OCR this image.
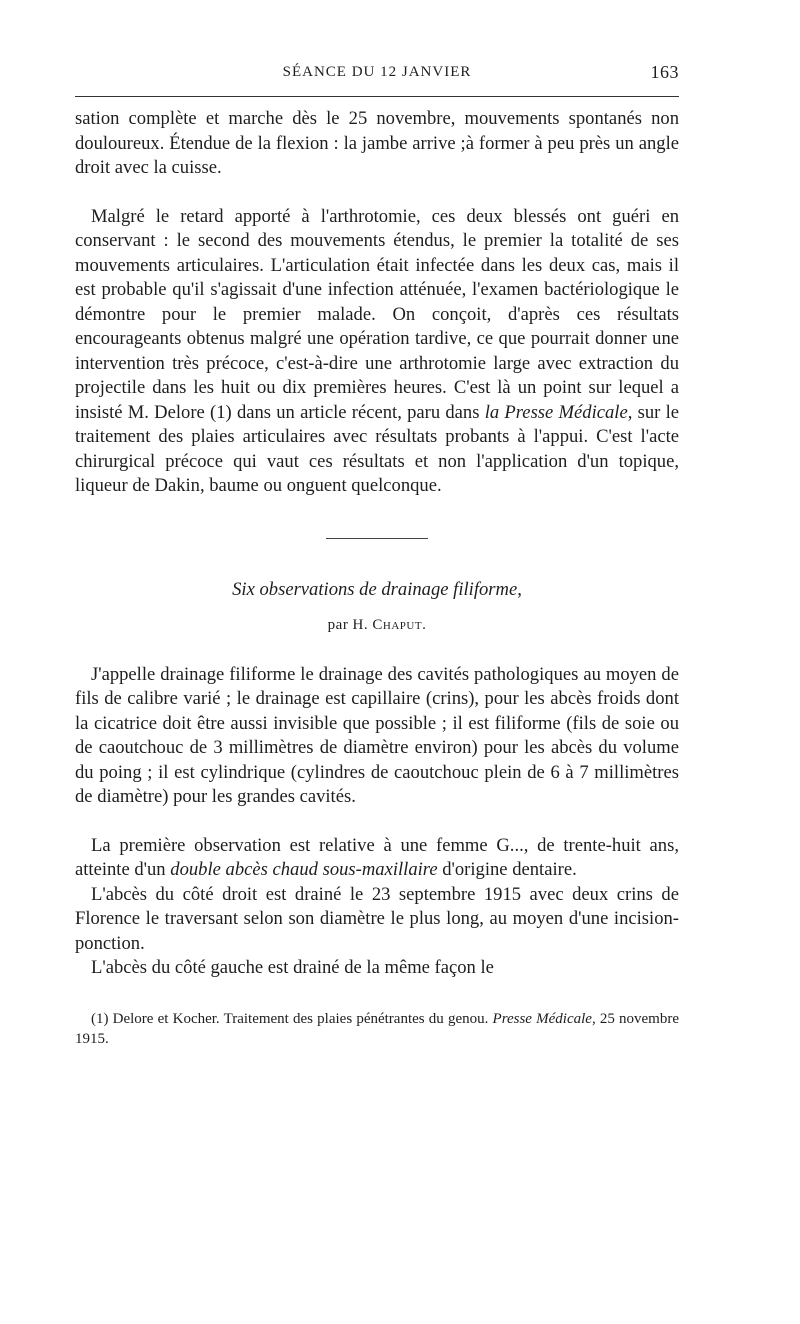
SÉANCE DU 12 JANVIER	163

sation complète et marche dès le 25 novembre, mouvements spontanés non douloureux. Étendue de la flexion : la jambe arrive ;à former à peu près un angle droit avec la cuisse.

Malgré le retard apporté à l'arthrotomie, ces deux blessés ont guéri en conservant : le second des mouvements étendus, le premier la totalité de ses mouvements articulaires. L'articulation était infectée dans les deux cas, mais il est probable qu'il s'agissait d'une infection atténuée, l'examen bactériologique le démontre pour le premier malade. On conçoit, d'après ces résultats encourageants obtenus malgré une opération tardive, ce que pourrait donner une intervention très précoce, c'est-à-dire une arthrotomie large avec extraction du projectile dans les huit ou dix premières heures. C'est là un point sur lequel a insisté M. Delore (1) dans un article récent, paru dans la Presse Médicale, sur le traitement des plaies articulaires avec résultats probants à l'appui. C'est l'acte chirurgical précoce qui vaut ces résultats et non l'application d'un topique, liqueur de Dakin, baume ou onguent quelconque.

Six observations de drainage filiforme,
par H. Chaput.

J'appelle drainage filiforme le drainage des cavités pathologiques au moyen de fils de calibre varié ; le drainage est capillaire (crins), pour les abcès froids dont la cicatrice doit être aussi invisible que possible ; il est filiforme (fils de soie ou de caoutchouc de 3 millimètres de diamètre environ) pour les abcès du volume du poing ; il est cylindrique (cylindres de caoutchouc plein de 6 à 7 millimètres de diamètre) pour les grandes cavités.

La première observation est relative à une femme G..., de trente-huit ans, atteinte d'un double abcès chaud sous-maxillaire d'origine dentaire.

L'abcès du côté droit est drainé le 23 septembre 1915 avec deux crins de Florence le traversant selon son diamètre le plus long, au moyen d'une incision-ponction.

L'abcès du côté gauche est drainé de la même façon le

(1) Delore et Kocher. Traitement des plaies pénétrantes du genou. Presse Médicale, 25 novembre 1915.
